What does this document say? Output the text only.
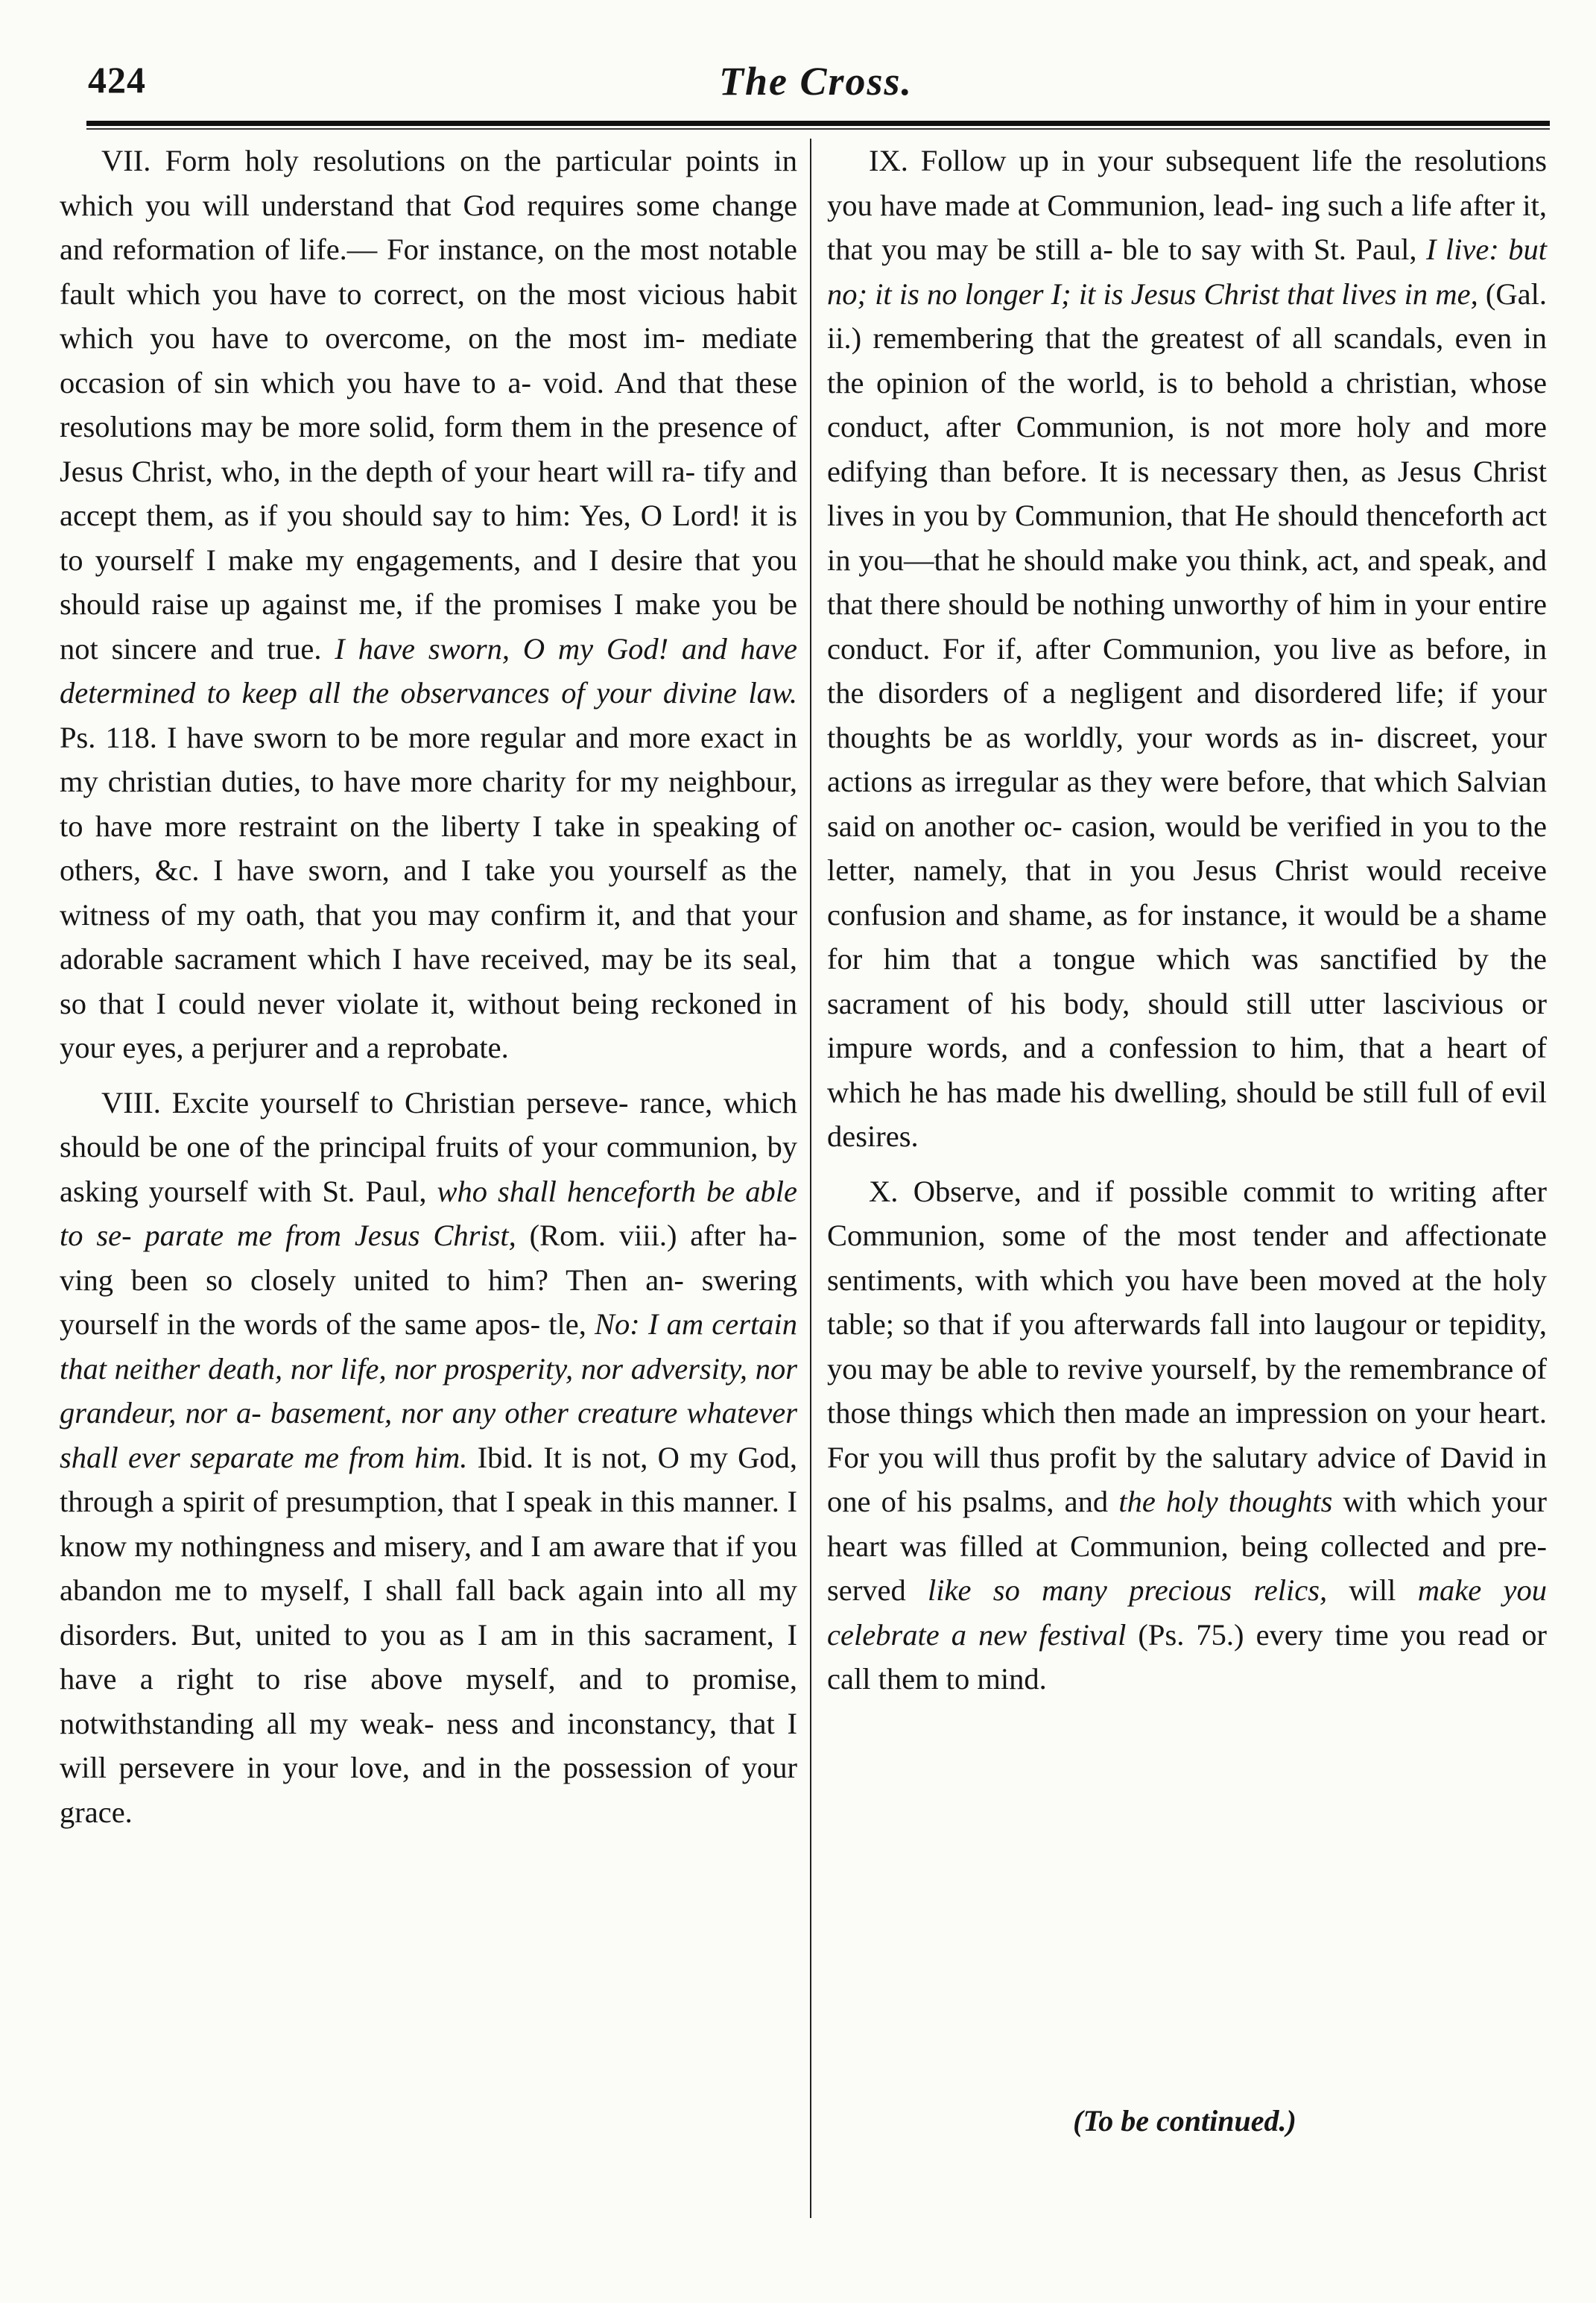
424	The Cross.

VII. Form holy resolutions on the particular points in which you will understand that God requires some change and reformation of life.— For instance, on the most notable fault which you have to correct, on the most vicious habit which you have to overcome, on the most im- mediate occasion of sin which you have to a- void. And that these resolutions may be more solid, form them in the presence of Jesus Christ, who, in the depth of your heart will ra- tify and accept them, as if you should say to him: Yes, O Lord! it is to yourself I make my engagements, and I desire that you should raise up against me, if the promises I make you be not sincere and true. I have sworn, O my God! and have determined to keep all the observances of your divine law. Ps. 118. I have sworn to be more regular and more exact in my christian duties, to have more charity for my neighbour, to have more restraint on the liberty I take in speaking of others, &c. I have sworn, and I take you yourself as the witness of my oath, that you may confirm it, and that your adorable sacrament which I have received, may be its seal, so that I could never violate it, without being reckoned in your eyes, a perjurer and a reprobate.

VIII. Excite yourself to Christian perseve- rance, which should be one of the principal fruits of your communion, by asking yourself with St. Paul, who shall henceforth be able to se- parate me from Jesus Christ, (Rom. viii.) after ha- ving been so closely united to him? Then an- swering yourself in the words of the same apos- tle, No: I am certain that neither death, nor life, nor prosperity, nor adversity, nor grandeur, nor a- basement, nor any other creature whatever shall ever separate me from him. Ibid. It is not, O my God, through a spirit of presumption, that I speak in this manner. I know my nothingness and misery, and I am aware that if you abandon me to myself, I shall fall back again into all my disorders. But, united to you as I am in this sacrament, I have a right to rise above myself, and to promise, notwithstanding all my weak- ness and inconstancy, that I will persevere in your love, and in the possession of your grace.

IX. Follow up in your subsequent life the resolutions you have made at Communion, lead- ing such a life after it, that you may be still a- ble to say with St. Paul, I live: but no; it is no longer I; it is Jesus Christ that lives in me, (Gal. ii.) remembering that the greatest of all scandals, even in the opinion of the world, is to behold a christian, whose conduct, after Communion, is not more holy and more edifying than before. It is necessary then, as Jesus Christ lives in you by Communion, that He should thenceforth act in you—that he should make you think, act, and speak, and that there should be nothing unworthy of him in your entire conduct. For if, after Communion, you live as before, in the disorders of a negligent and disordered life; if your thoughts be as worldly, your words as in- discreet, your actions as irregular as they were before, that which Salvian said on another oc- casion, would be verified in you to the letter, namely, that in you Jesus Christ would receive confusion and shame, as for instance, it would be a shame for him that a tongue which was sanctified by the sacrament of his body, should still utter lascivious or impure words, and a confession to him, that a heart of which he has made his dwelling, should be still full of evil desires.

X. Observe, and if possible commit to writing after Communion, some of the most tender and affectionate sentiments, with which you have been moved at the holy table; so that if you afterwards fall into laugour or tepidity, you may be able to revive yourself, by the remembrance of those things which then made an impression on your heart. For you will thus profit by the salutary advice of David in one of his psalms, and the holy thoughts with which your heart was filled at Communion, being collected and pre- served like so many precious relics, will make you celebrate a new festival (Ps. 75.) every time you read or call them to mind.

(To be continued.)
